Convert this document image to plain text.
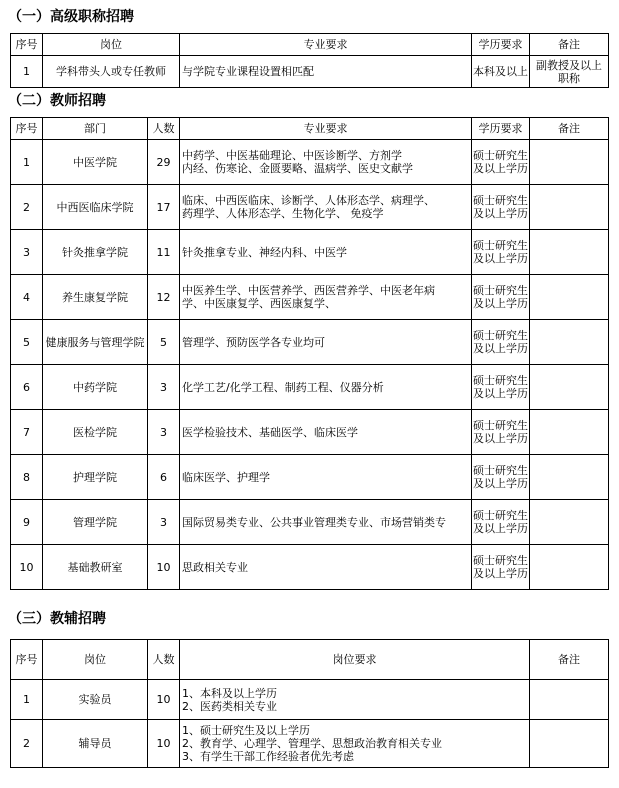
（一）高级职称招聘
序号	岗位	专业要求	学历要求	备注
1	学科带头人或专任教师	与学院专业课程设置相匹配	本科及以上	副教授及以上职称
（二）教师招聘
序号	部门	人数	专业要求	学历要求	备注
1	中医学院	29	中药学、中医基础理论、中医诊断学、方剂学
内经、伤寒论、金匮要略、温病学、医史文献学	硕士研究生及以上学历	
2	中西医临床学院	17	临床、中西医临床、诊断学、人体形态学、病理学、
药理学、人体形态学、生物化学、 免疫学	硕士研究生及以上学历	
3	针灸推拿学院	11	针灸推拿专业、神经内科、中医学	硕士研究生及以上学历	
4	养生康复学院	12	中医养生学、中医营养学、西医营养学、中医老年病
学、中医康复学、西医康复学、	硕士研究生及以上学历	
5	健康服务与管理学院	5	管理学、预防医学各专业均可	硕士研究生及以上学历	
6	中药学院	3	化学工艺/化学工程、制药工程、仪器分析	硕士研究生及以上学历	
7	医检学院	3	医学检验技术、基础医学、临床医学	硕士研究生及以上学历	
8	护理学院	6	临床医学、护理学	硕士研究生及以上学历	
9	管理学院	3	国际贸易类专业、公共事业管理类专业、市场营销类专	硕士研究生及以上学历	
10	基础教研室	10	思政相关专业	硕士研究生及以上学历	
（三）教辅招聘
序号	岗位	人数	岗位要求	备注
1	实验员	10	1、本科及以上学历
2、医药类相关专业	

2	辅导员	10	1、硕士研究生及以上学历
2、教育学、心理学、管理学、思想政治教育相关专业
3、有学生干部工作经验者优先考虑	
